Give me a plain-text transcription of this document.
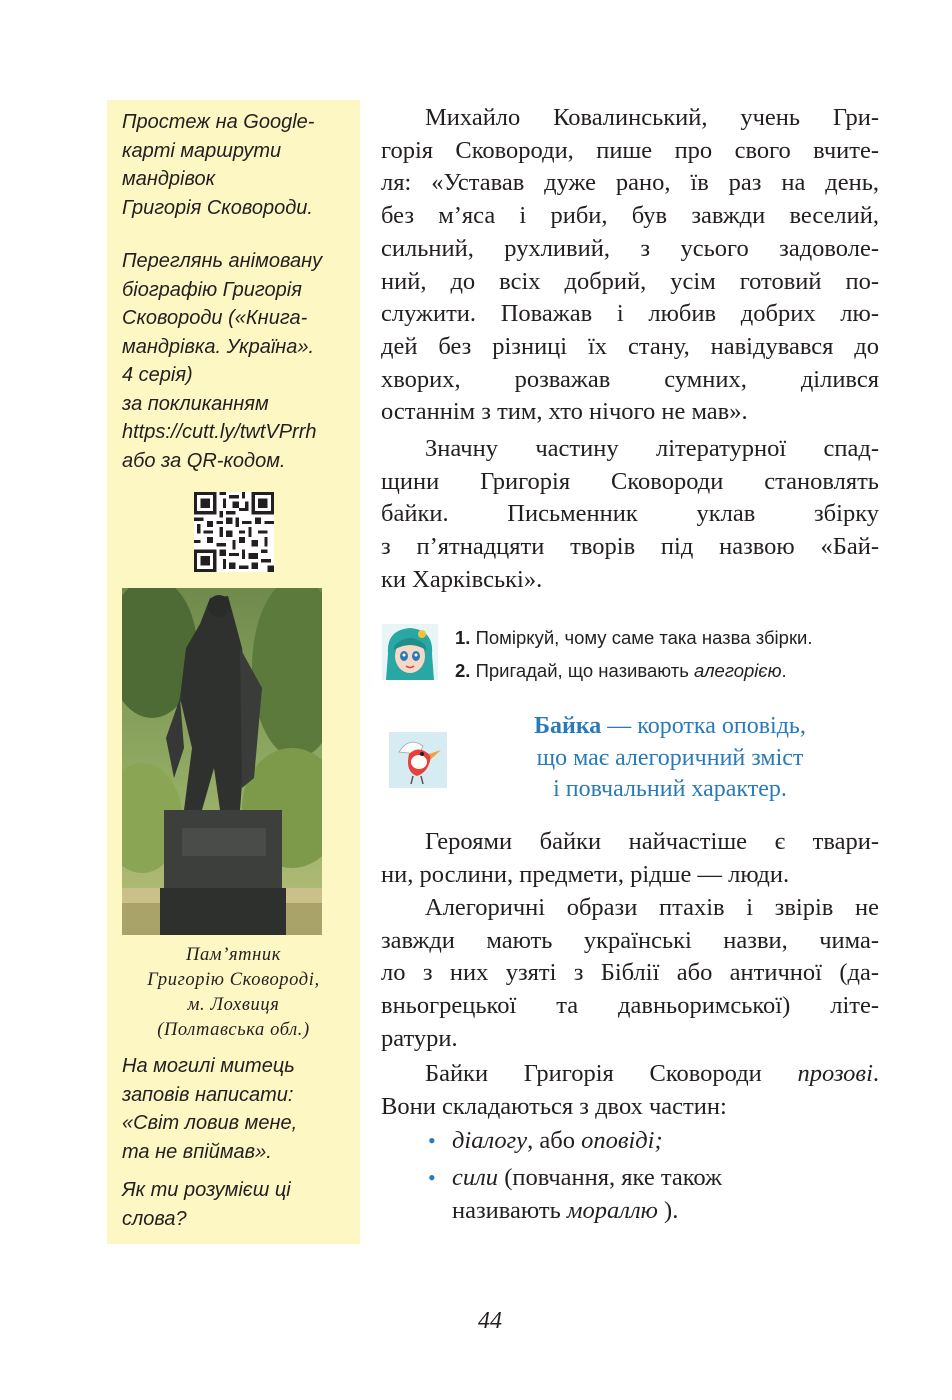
Простеж на Google-
карті маршрути
мандрівок
Григорія Сковороди.
Переглянь анімовану
біографію Григорія
Сковороди («Книга-
мандрівка. Україна».
4 серія)
за покликанням
https://cutt.ly/twtVPrrh
або за QR-кодом.
Пам’ятник
Григорію Сковороді,
м. Лохвиця
(Полтавська обл.)
На могилі митець
заповів написати:
«Світ ловив мене,
та не впіймав».
Як ти розумієш ці
слова?
Михайло Ковалинський, учень Гри-
горія Сковороди, пише про свого вчите-
ля: «Уставав дуже рано, їв раз на день,
без м’яса і риби, був завжди веселий,
сильний, рухливий, з усього задоволе-
ний, до всіх добрий, усім готовий по-
служити. Поважав і любив добрих лю-
дей без різниці їх стану, навідувався до
хворих, розважав сумних, ділився
останнім з тим, хто нічого не мав».
Значну частину літературної спад-
щини Григорія Сковороди становлять
байки. Письменник уклав збірку
з п’ятнадцяти творів під назвою «Бай-
ки Харківські».
1. Поміркуй, чому саме така назва збірки.
2. Пригадай, що називають алегорією.
Байка — коротка оповідь,
що має алегоричний зміст
і повчальний характер.
Героями байки найчастіше є твари-
ни, рослини, предмети, рідше — люди.
Алегоричні образи птахів і звірів не
завжди мають українські назви, чима-
ло з них узяті з Біблії або античної (да-
вньогрецької та давньоримської) літе-
ратури.
Байки Григорія Сковороди прозові.
Вони складаються з двох частин:
• діалогу, або оповіді;
• сили (повчання, яке також
називають мораллю ).
44
